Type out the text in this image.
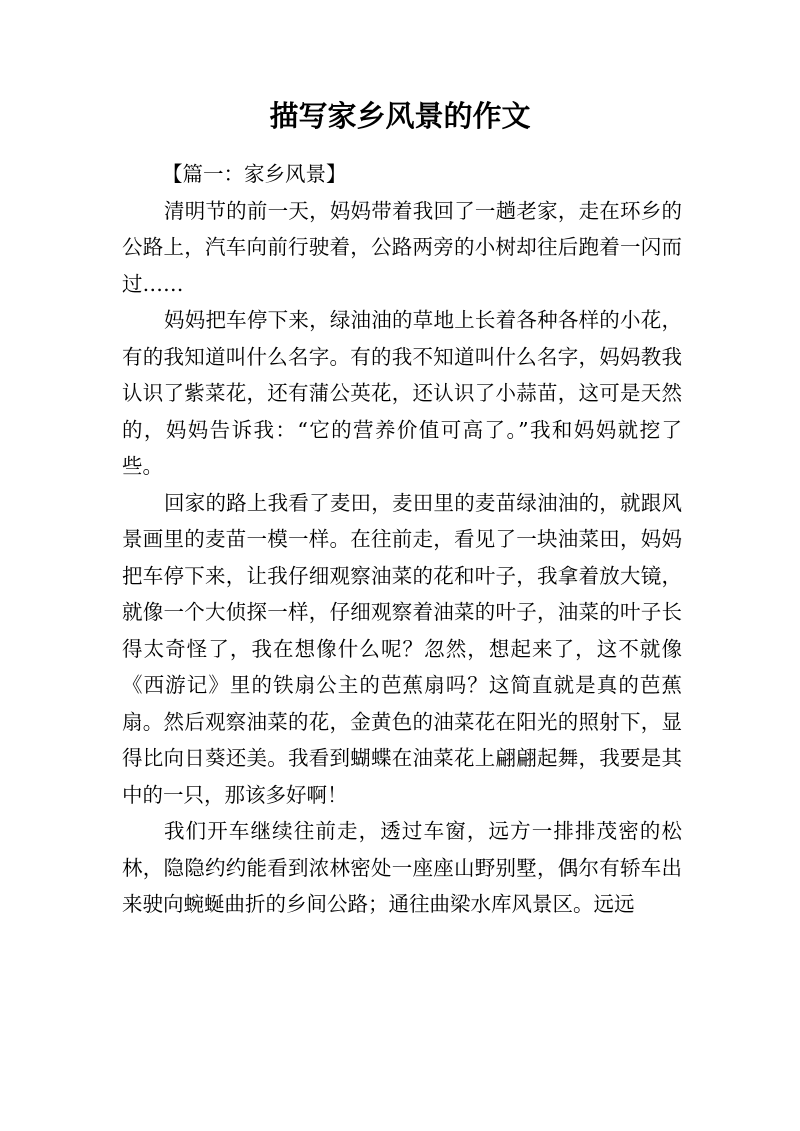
描写家乡风景的作文

【篇一：家乡风景】

清明节的前一天，妈妈带着我回了一趟老家，走在环乡的公路上，汽车向前行驶着，公路两旁的小树却往后跑着一闪而过……

妈妈把车停下来，绿油油的草地上长着各种各样的小花，有的我知道叫什么名字。有的我不知道叫什么名字，妈妈教我认识了紫菜花，还有蒲公英花，还认识了小蒜苗，这可是天然的，妈妈告诉我：“它的营养价值可高了。”我和妈妈就挖了些。

回家的路上我看了麦田，麦田里的麦苗绿油油的，就跟风景画里的麦苗一模一样。在往前走，看见了一块油菜田，妈妈把车停下来，让我仔细观察油菜的花和叶子，我拿着放大镜，就像一个大侦探一样，仔细观察着油菜的叶子，油菜的叶子长得太奇怪了，我在想像什么呢？忽然，想起来了，这不就像《西游记》里的铁扇公主的芭蕉扇吗？这简直就是真的芭蕉扇。然后观察油菜的花，金黄色的油菜花在阳光的照射下，显得比向日葵还美。我看到蝴蝶在油菜花上翩翩起舞，我要是其中的一只，那该多好啊！

我们开车继续往前走，透过车窗，远方一排排茂密的松林，隐隐约约能看到浓林密处一座座山野别墅，偶尔有轿车出来驶向蜿蜒曲折的乡间公路；通往曲梁水库风景区。远远
